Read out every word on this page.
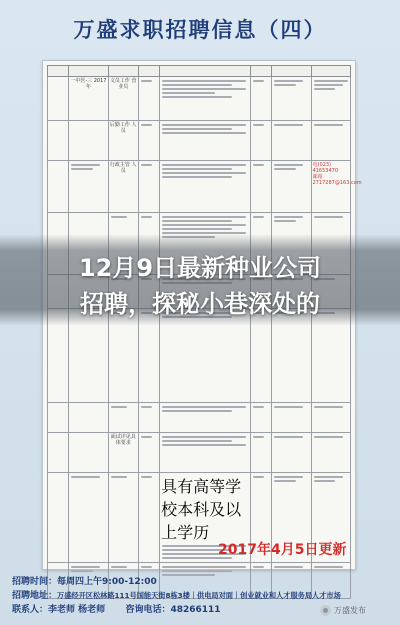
万盛求职招聘信息（四）

	一中医-三 2017年	文员工作 营业员	

		后勤工作 人员	

	行政主管 人员					电(023) 41653470
邮箱 2717287@163.com

		面试详见具体要求	

				具有高等学校本科及以上学历			

12月9日最新种业公司
招聘，探秘小巷深处的
2017年4月5日更新
招聘时间：每周四上午9:00-12:00
招聘地址：万盛经开区松林路111号国能天街8栋3楼｜供电局对面｜创业就业和人才服务局人才市场
联系人：李老师 杨老师 咨询电话：48266111	万盛发布
